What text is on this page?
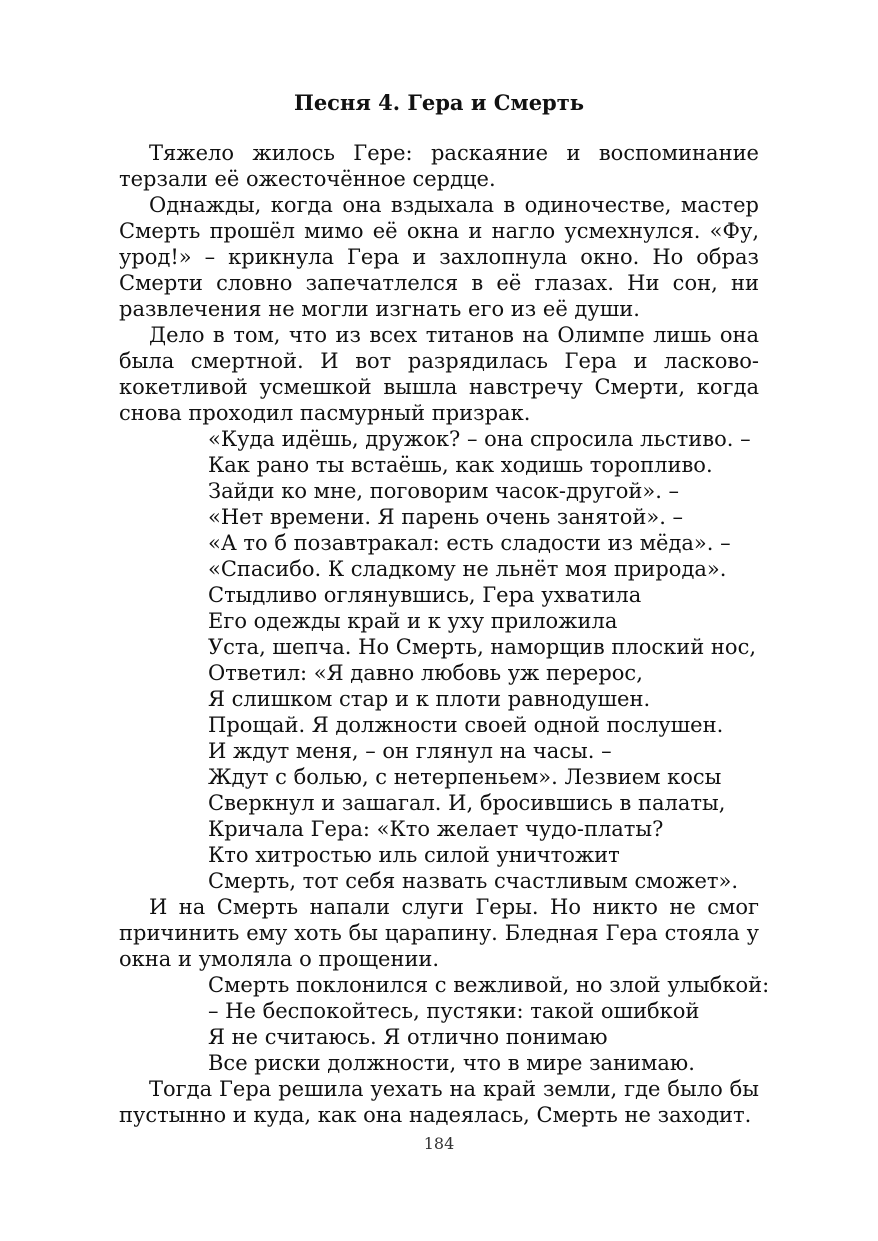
Песня 4. Гера и Смерть

Тяжело жилось Гере: раскаяние и воспоминание терзали её ожесточённое сердце.

Однажды, когда она вздыхала в одиночестве, мастер Смерть прошёл мимо её окна и нагло усмехнулся. «Фу, урод!» – крикнула Гера и захлопнула окно. Но образ Смерти словно запечатлелся в её глазах. Ни сон, ни развлечения не могли изгнать его из её души.

Дело в том, что из всех титанов на Олимпе лишь она была смертной. И вот разрядилась Гера и ласково-кокетливой усмешкой вышла навстречу Смерти, когда снова проходил пасмурный призрак.

«Куда идёшь, дружок? – она спросила льстиво. –
Как рано ты встаёшь, как ходишь торопливо.
Зайди ко мне, поговорим часок-другой». –
«Нет времени. Я парень очень занятой». –
«А то б позавтракал: есть сладости из мёда». –
«Спасибо. К сладкому не льнёт моя природа».
Стыдливо оглянувшись, Гера ухватила
Его одежды край и к уху приложила
Уста, шепча. Но Смерть, наморщив плоский нос,
Ответил: «Я давно любовь уж перерос,
Я слишком стар и к плоти равнодушен.
Прощай. Я должности своей одной послушен.
И ждут меня, – он глянул на часы. –
Ждут с болью, с нетерпеньем». Лезвием косы
Сверкнул и зашагал. И, бросившись в палаты,
Кричала Гера: «Кто желает чудо-платы?
Кто хитростью иль силой уничтожит
Смерть, тот себя назвать счастливым сможет».

И на Смерть напали слуги Геры. Но никто не смог причинить ему хоть бы царапину. Бледная Гера стояла у окна и умоляла о прощении.

Смерть поклонился с вежливой, но злой улыбкой:
– Не беспокойтесь, пустяки: такой ошибкой
Я не считаюсь. Я отлично понимаю
Все риски должности, что в мире занимаю.

Тогда Гера решила уехать на край земли, где было бы пустынно и куда, как она надеялась, Смерть не заходит.

184
